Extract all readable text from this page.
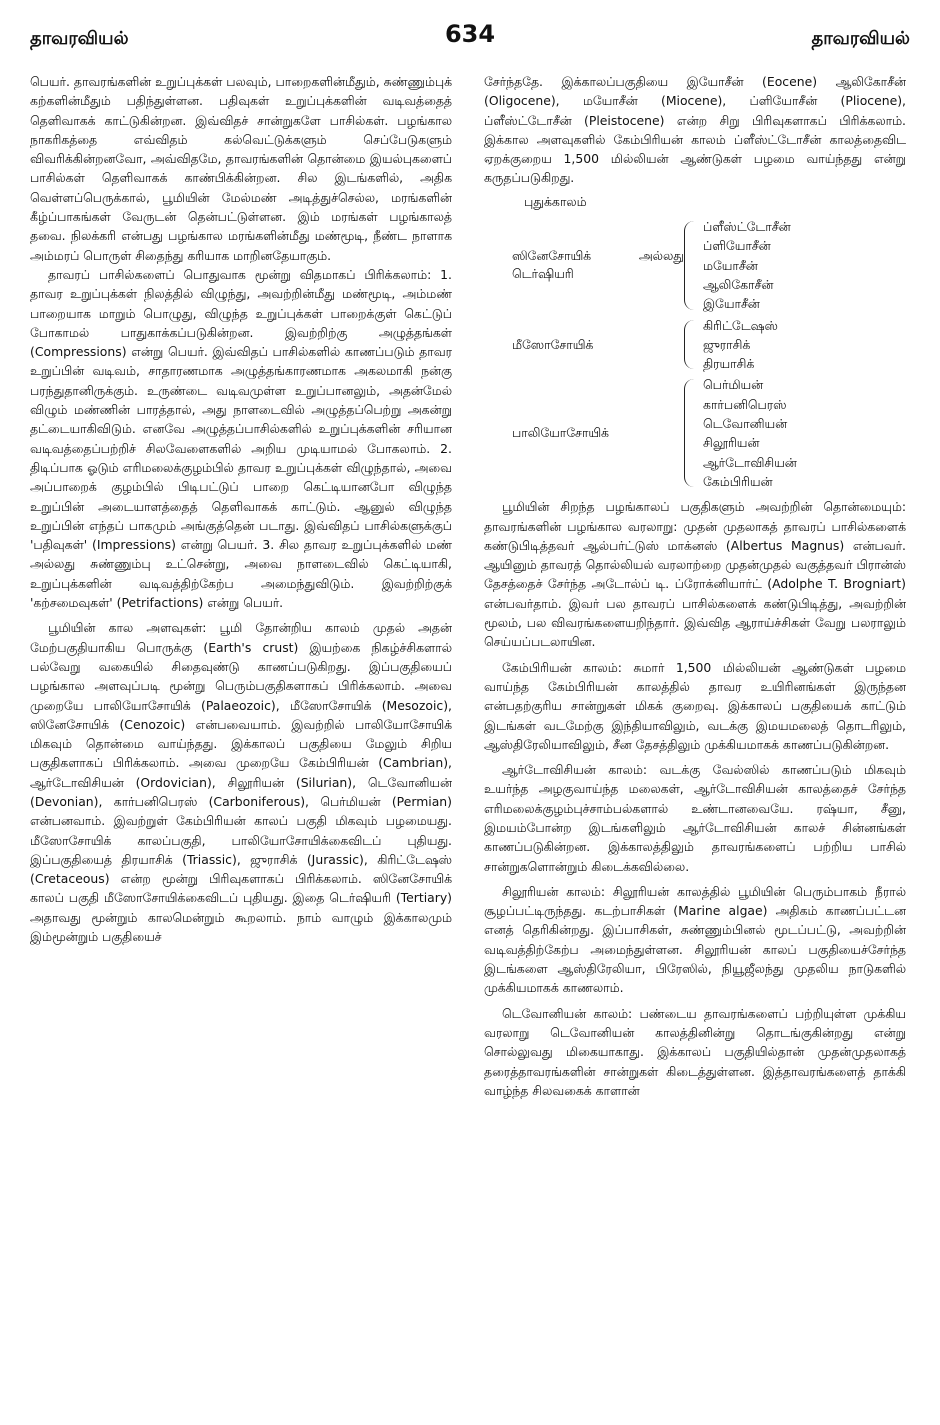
தாவரவியல்	634	தாவரவியல்

பெயர். தாவரங்களின் உறுப்புக்கள் பலவும், பாறைகளின்மீதும், சுண்ணும்புக் கற்களின்மீதும் பதிந்துள்ளன. பதிவுகள் உறுப்புக்களின் வடிவத்தைத் தெளிவாகக் காட்டுகின்றன. இவ்விதச் சான்றுகளே பாசில்கள். பழங்கால நாகரிகத்தை எவ்விதம் கல்வெட்டுக்களும் செப்பேடுகளும் விவரிக்கின்றனவோ, அவ்விதமே, தாவரங்களின் தொன்மை இயல்புகளைப் பாசில்கள் தெளிவாகக் காண்பிக்கின்றன. சில இடங்களில், அதிக வெள்ளப்பெருக்கால், பூமியின் மேல்மண் அடித்துச்செல்ல, மரங்களின் கீழ்ப்பாகங்கள் வேருடன் தென்பட்டுள்ளன. இம் மரங்கள் பழங்காலத் தவை. நிலக்கரி என்பது பழங்கால மரங்களின்மீது மண்மூடி, நீண்ட நாளாக அம்மரப் பொருள் சிதைந்து கரியாக மாறினதேயாகும்.

தாவரப் பாசில்களைப் பொதுவாக மூன்று விதமாகப் பிரிக்கலாம்: 1. தாவர உறுப்புக்கள் நிலத்தில் விழுந்து, அவற்றின்மீது மண்மூடி, அம்மண் பாறையாக மாறும் பொழுது, விழுந்த உறுப்புக்கள் பாறைக்குள் கெட்டுப் போகாமல் பாதுகாக்கப்படுகின்றன. இவற்றிற்கு அழுத்தங்கள் (Compressions) என்று பெயர். இவ்விதப் பாசில்களில் காணப்படும் தாவர உறுப்பின் வடிவம், சாதாரணமாக அழுத்தங்காரணமாக அகலமாகி நன்கு பரந்துதானிருக்கும். உருண்டை வடிவமுள்ள உறுப்பானலும், அதன்மேல் விழும் மண்ணின் பாரத்தால், அது நாளடைவில் அழுத்தப்பெற்று அகன்று தட்டையாகிவிடும். எனவே அழுத்தப்பாசில்களில் உறுப்புக்களின் சரியான வடிவத்தைப்பற்றிச் சிலவேளைகளில் அறிய முடியாமல் போகலாம். 2. திடிப்பாக ஓடும் எரிமலைக்குழம்பில் தாவர உறுப்புக்கள் விழுந்தால், அவை அப்பாறைக் குழம்பில் பிடிபட்டுப் பாறை கெட்டியானபோ விழுந்த உறுப்பின் அடையாளத்தைத் தெளிவாகக் காட்டும். ஆனுல் விழுந்த உறுப்பின் எந்தப் பாகமும் அங்குத்தென் படாது. இவ்விதப் பாசில்களுக்குப் 'பதிவுகள்' (Impressions) என்று பெயர். 3. சில தாவர உறுப்புக்களில் மண் அல்லது சுண்ணும்பு உட்சென்று, அவை நாளடைவில் கெட்டியாகி, உறுப்புக்களின் வடிவத்திற்கேற்ப அமைந்துவிடும். இவற்றிற்குக் 'கற்சமைவுகள்' (Petrifactions) என்று பெயர்.

பூமியின் கால அளவுகள்: பூமி தோன்றிய காலம் முதல் அதன் மேற்பகுதியாகிய பொருக்கு (Earth's crust) இயற்கை நிகழ்ச்சிகளால் பல்வேறு வகையில் சிதைவுண்டு காணப்படுகிறது. இப்பகுதியைப் பழங்கால அளவுப்படி மூன்று பெரும்பகுதிகளாகப் பிரிக்கலாம். அவை முறையே பாலியோசோயிக் (Palaeozoic), மீஸோசோயிக் (Mesozoic), ஸினேசோயிக் (Cenozoic) என்பவையாம். இவற்றில் பாலியோசோயிக் மிகவும் தொன்மை வாய்ந்தது. இக்காலப் பகுதியை மேலும் சிறிய பகுதிகளாகப் பிரிக்கலாம். அவை முறையே கேம்பிரியன் (Cambrian), ஆர்டோவிசியன் (Ordovician), சிலூரியன் (Silurian), டெவோனியன் (Devonian), கார்பனிபெரஸ் (Carboniferous), பெர்மியன் (Permian) என்பனவாம். இவற்றுள் கேம்பிரியன் காலப் பகுதி மிகவும் பழமையது. மீஸோசோயிக் காலப்பகுதி, பாலியோசோயிக்கைவிடப் புதியது. இப்பகுதியைத் திரயாசிக் (Triassic), ஜுராசிக் (Jurassic), கிரிட்டேஷஸ் (Cretaceous) என்ற மூன்று பிரிவுகளாகப் பிரிக்கலாம். ஸினேசோயிக் காலப் பகுதி மீஸோசோயிக்கைவிடப் புதியது. இதை டெர்ஷியரி (Tertiary) அதாவது மூன்றும் காலமென்றும் கூறலாம். நாம் வாழும் இக்காலமும் இம்மூன்றும் பகுதியைச்

சேர்ந்ததே. இக்காலப்பகுதியை இயோசீன் (Eocene) ஆலிகோசீன் (Oligocene), மயோசீன் (Miocene), ப்ளியோசீன் (Pliocene), ப்ளீஸ்ட்டோசீன் (Pleistocene) என்ற சிறு பிரிவுகளாகப் பிரிக்கலாம். இக்கால அளவுகளில் கேம்பிரியன் காலம் ப்ளீஸ்ட்டோசீன் காலத்தைவிட ஏறக்குறைய 1,500 மில்லியன் ஆண்டுகள் பழமை வாய்ந்தது என்று கருதப்படுகிறது.

புதுக்காலம்
ஸினேசோயிக் அல்லது டெர்ஷியரி
ப்ளீஸ்ட்டோசீன்
ப்ளியோசீன்
மயோசீன்
ஆலிகோசீன்
இயோசீன்
மீஸோசோயிக்
கிரிட்டேஷஸ்
ஜுராசிக்
திரயாசிக்
பாலியோசோயிக்
பெர்மியன்
கார்பனிபெரஸ்
டெவோனியன்
சிலூரியன்
ஆர்டோவிசியன்
கேம்பிரியன்

பூமியின் சிறந்த பழங்காலப் பகுதிகளும் அவற்றின் தொன்மையும்: தாவரங்களின் பழங்கால வரலாறு: முதன் முதலாகத் தாவரப் பாசில்களைக் கண்டுபிடித்தவர் ஆல்பர்ட்டுஸ் மாக்னஸ் (Albertus Magnus) என்பவர். ஆயினும் தாவரத் தொல்லியல் வரலாற்றை முதன்முதல் வகுத்தவர் பிரான்ஸ் தேசத்தைச் சேர்ந்த அடோல்ப் டி. ப்ரோக்னியார்ட் (Adolphe T. Brogniart) என்பவர்தாம். இவர் பல தாவரப் பாசில்களைக் கண்டுபிடித்து, அவற்றின் மூலம், பல விவரங்களையறிந்தார். இவ்வித ஆராய்ச்சிகள் வேறு பலராலும் செய்யப்படலாயின.

கேம்பிரியன் காலம்: சுமார் 1,500 மில்லியன் ஆண்டுகள் பழமை வாய்ந்த கேம்பிரியன் காலத்தில் தாவர உயிரினங்கள் இருந்தன என்பதற்குரிய சான்றுகள் மிகக் குறைவு. இக்காலப் பகுதியைக் காட்டும் இடங்கள் வடமேற்கு இந்தியாவிலும், வடக்கு இமயமலைத் தொடரிலும், ஆஸ்திரேலியாவிலும், சீன தேசத்திலும் முக்கியமாகக் காணப்படுகின்றன.

ஆர்டோவிசியன் காலம்: வடக்கு வேல்ஸில் காணப்படும் மிகவும் உயர்ந்த அழகுவாய்ந்த மலைகள், ஆர்டோவிசியன் காலத்தைச் சேர்ந்த எரிமலைக்குழம்புச்சாம்பல்களால் உண்டானவையே. ரஷ்யா, சீனு, இமயம்போன்ற இடங்களிலும் ஆர்டோவிசியன் காலச் சின்னங்கள் காணப்படுகின்றன. இக்காலத்திலும் தாவரங்களைப் பற்றிய பாசில் சான்றுகளொன்றும் கிடைக்கவில்லை.

சிலூரியன் காலம்: சிலூரியன் காலத்தில் பூமியின் பெரும்பாகம் நீரால் சூழப்பட்டிருந்தது. கடற்பாசிகள் (Marine algae) அதிகம் காணப்பட்டன எனத் தெரிகின்றது. இப்பாசிகள், சுண்ணும்பினல் மூடப்பட்டு, அவற்றின் வடிவத்திற்கேற்ப அமைந்துள்ளன. சிலூரியன் காலப் பகுதியைச்சேர்ந்த இடங்களை ஆஸ்திரேலியா, பிரேஸில், நியூஜீலந்து முதலிய நாடுகளில் முக்கியமாகக் காணலாம்.

டெவோனியன் காலம்: பண்டைய தாவரங்களைப் பற்றியுள்ள முக்கிய வரலாறு டெவோனியன் காலத்தினின்று தொடங்குகின்றது என்று சொல்லுவது மிகையாகாது. இக்காலப் பகுதியில்தான் முதன்முதலாகத் தரைத்தாவரங்களின் சான்றுகள் கிடைத்துள்ளன. இத்தாவரங்களைத் தாக்கி வாழ்ந்த சிலவகைக் காளான்
